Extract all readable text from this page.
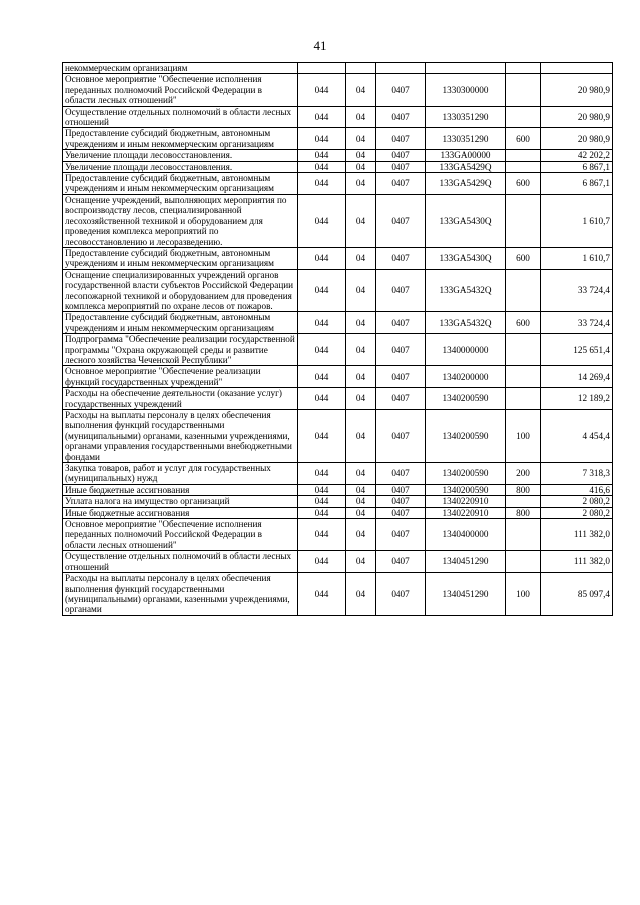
41
некоммерческим организациям						
Основное мероприятие "Обеспечение исполнения переданных полномочий Российской Федерации в области лесных отношений"	044	04	0407	1330300000		20 980,9
Осуществление отдельных полномочий в области лесных отношений	044	04	0407	1330351290		20 980,9
Предоставление субсидий бюджетным, автономным учреждениям и иным некоммерческим организациям	044	04	0407	1330351290	600	20 980,9
Увеличение площади лесовосстановления.	044	04	0407	133GA00000		42 202,2
Увеличение площади лесовосстановления.	044	04	0407	133GA5429Q		6 867,1
Предоставление субсидий бюджетным, автономным учреждениям и иным некоммерческим организациям	044	04	0407	133GA5429Q	600	6 867,1
Оснащение учреждений, выполняющих мероприятия по воспроизводству лесов, специализированной лесохозяйственной техникой и оборудованием для проведения комплекса мероприятий по лесовосстановлению и лесоразведению.	044	04	0407	133GA5430Q		1 610,7
Предоставление субсидий бюджетным, автономным учреждениям и иным некоммерческим организациям	044	04	0407	133GA5430Q	600	1 610,7
Оснащение специализированных учреждений органов государственной власти субъектов Российской Федерации лесопожарной техникой и оборудованием для проведения комплекса мероприятий по охране лесов от пожаров.	044	04	0407	133GA5432Q		33 724,4
Предоставление субсидий бюджетным, автономным учреждениям и иным некоммерческим организациям	044	04	0407	133GA5432Q	600	33 724,4
Подпрограмма "Обеспечение реализации государственной программы "Охрана окружающей среды и развитие лесного хозяйства Чеченской Республики"	044	04	0407	1340000000		125 651,4
Основное мероприятие "Обеспечение реализации функций государственных учреждений"	044	04	0407	1340200000		14 269,4
Расходы на обеспечение деятельности (оказание услуг) государственных учреждений	044	04	0407	1340200590		12 189,2
Расходы на выплаты персоналу в целях обеспечения выполнения функций государственными (муниципальными) органами, казенными учреждениями, органами управления государственными внебюджетными фондами	044	04	0407	1340200590	100	4 454,4
Закупка товаров, работ и услуг для государственных (муниципальных) нужд	044	04	0407	1340200590	200	7 318,3
Иные бюджетные ассигнования	044	04	0407	1340200590	800	416,6
Уплата налога на имущество организаций	044	04	0407	1340220910		2 080,2
Иные бюджетные ассигнования	044	04	0407	1340220910	800	2 080,2
Основное мероприятие "Обеспечение исполнения переданных полномочий Российской Федерации в области лесных отношений"	044	04	0407	1340400000		111 382,0
Осуществление отдельных полномочий в области лесных отношений	044	04	0407	1340451290		111 382,0
Расходы на выплаты персоналу в целях обеспечения выполнения функций государственными (муниципальными) органами, казенными учреждениями, органами	044	04	0407	1340451290	100	85 097,4
